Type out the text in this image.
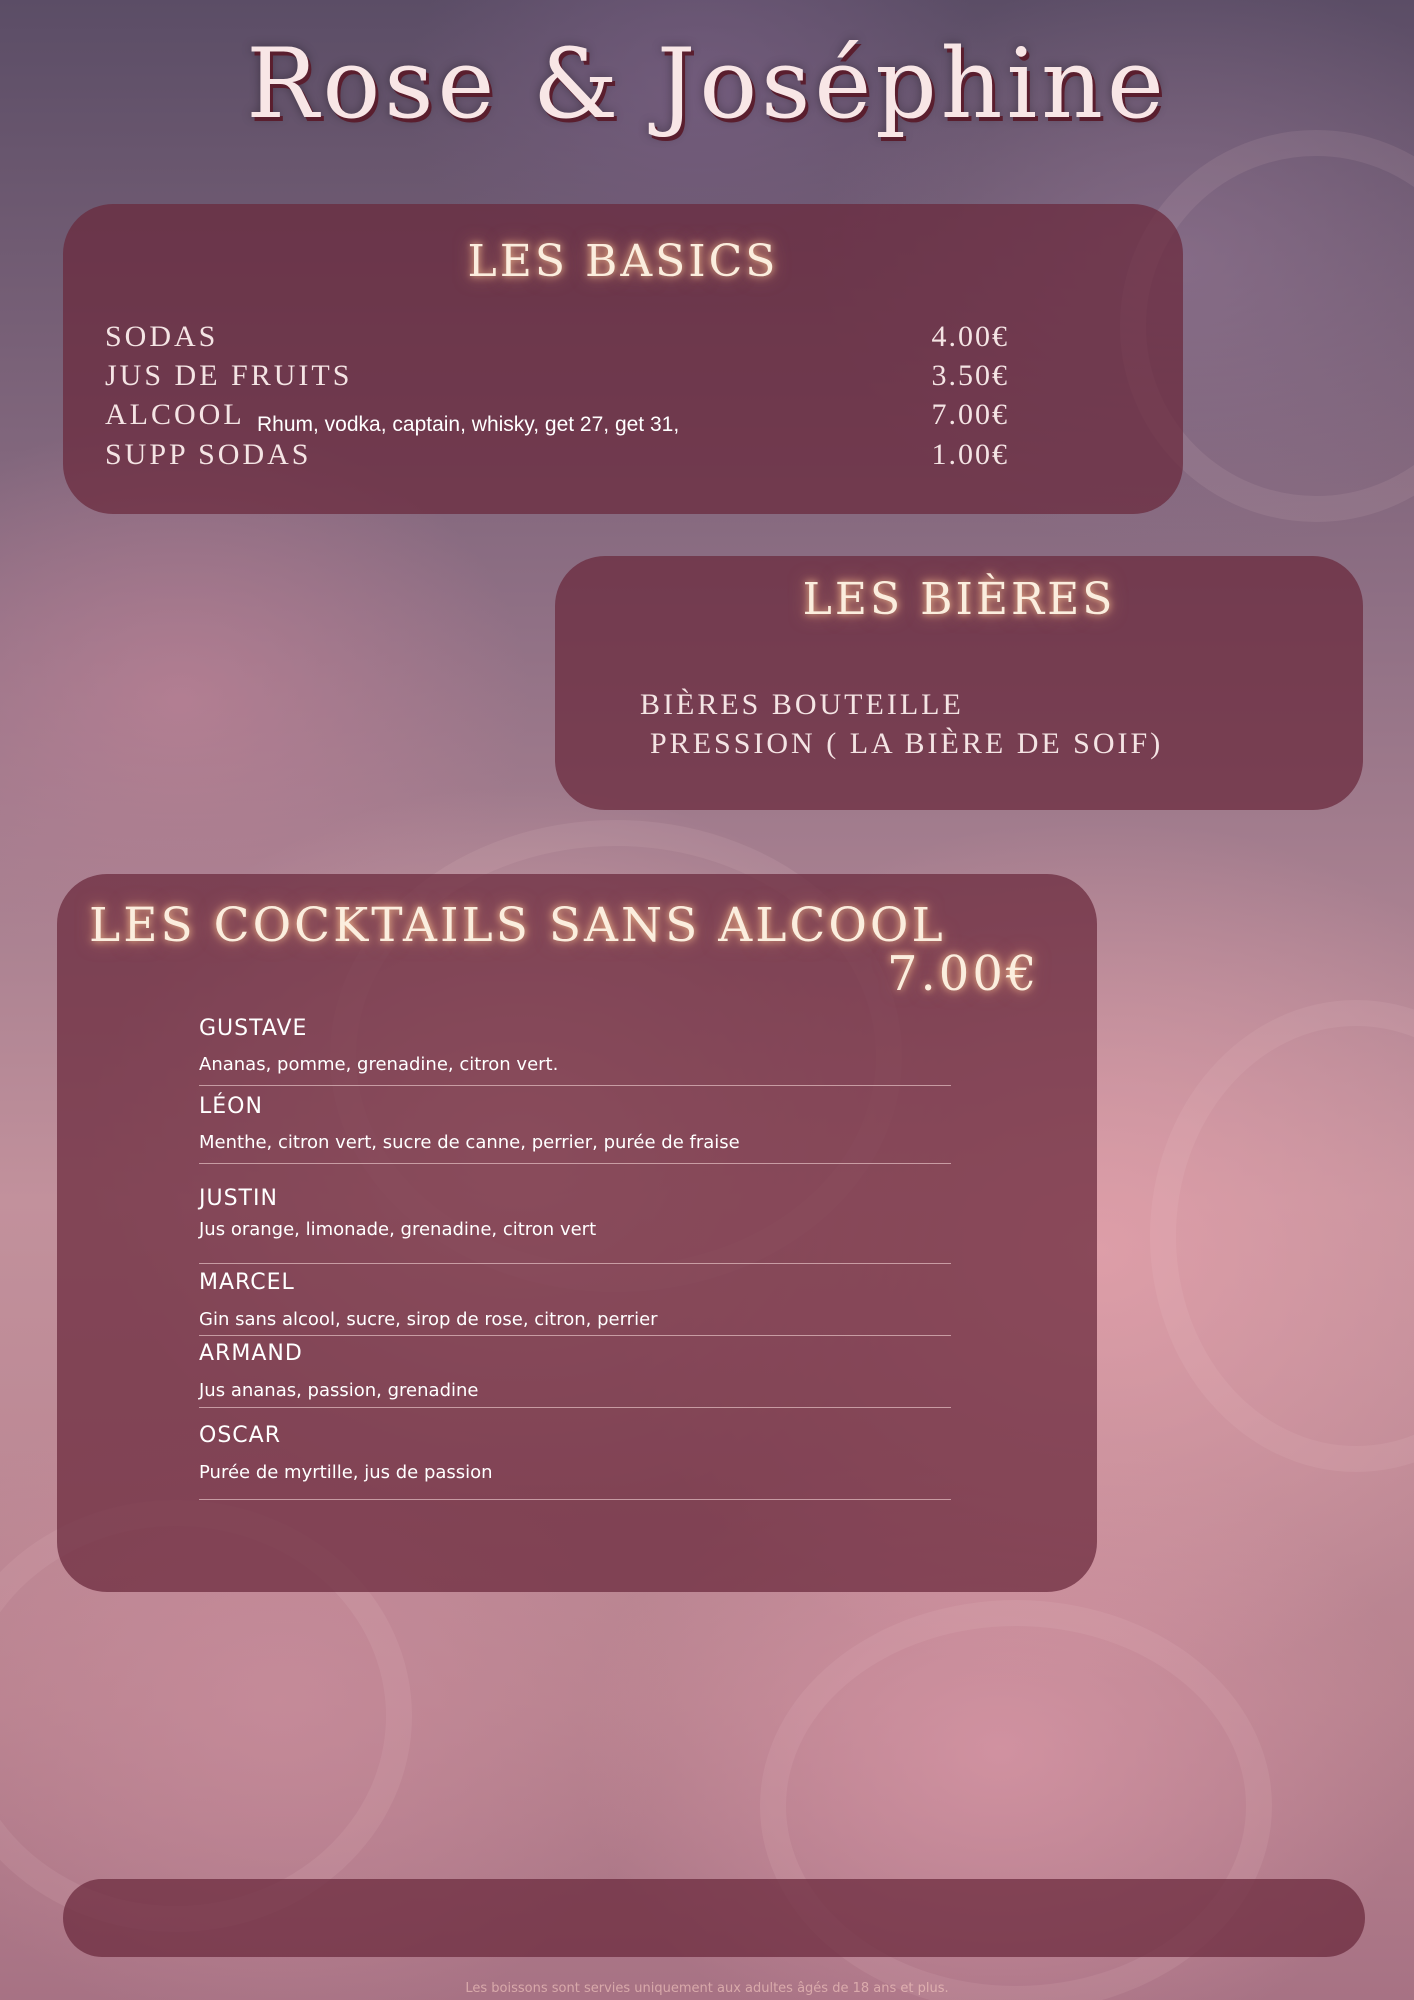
Rose & Joséphine
LES BASICS
SODAS	4.00€
JUS DE FRUITS	3.50€
ALCOOL Rhum, vodka, captain, whisky, get 27, get 31,	7.00€
SUPP SODAS	1.00€
LES BIÈRES
BIÈRES BOUTEILLE
PRESSION ( LA BIÈRE DE SOIF)
LES COCKTAILS SANS ALCOOL
7.00€
GUSTAVE
Ananas, pomme, grenadine, citron vert.
LÉON
Menthe, citron vert, sucre de canne, perrier, purée de fraise
JUSTIN
Jus orange, limonade, grenadine, citron vert
MARCEL
Gin sans alcool, sucre, sirop de rose, citron, perrier
ARMAND
Jus ananas, passion, grenadine
OSCAR
Purée de myrtille, jus de passion
Les boissons sont servies uniquement aux adultes âgés de 18 ans et plus.
